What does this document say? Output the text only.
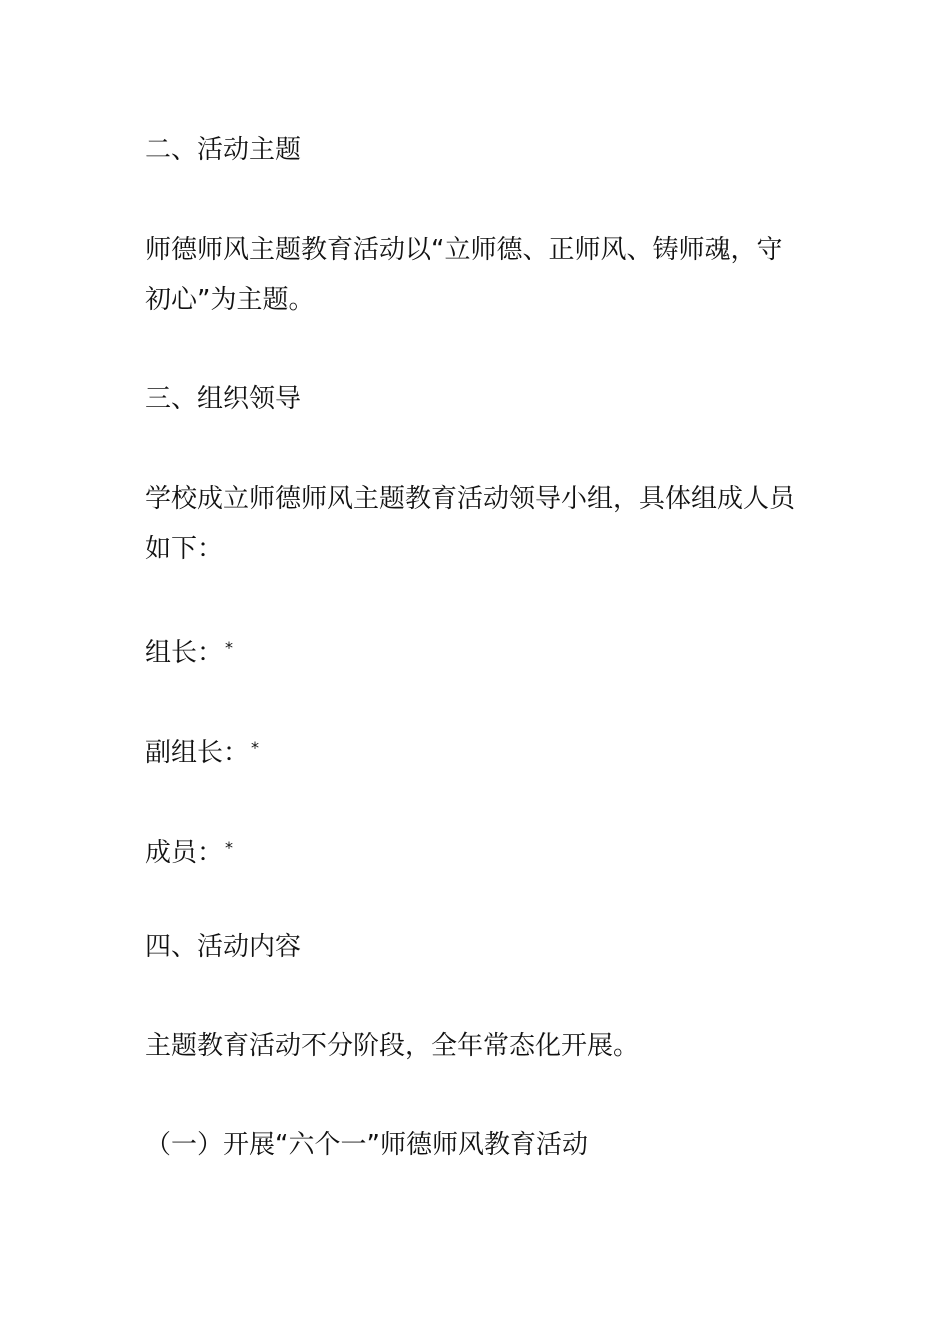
二、活动主题
师德师风主题教育活动以“立师德、正师风、铸师魂，守
初心”为主题。
三、组织领导
学校成立师德师风主题教育活动领导小组，具体组成人员
如下：
组长： *
副组长： *
成员： *
四、活动内容
主题教育活动不分阶段，全年常态化开展。
（一）开展“六个一”师德师风教育活动
